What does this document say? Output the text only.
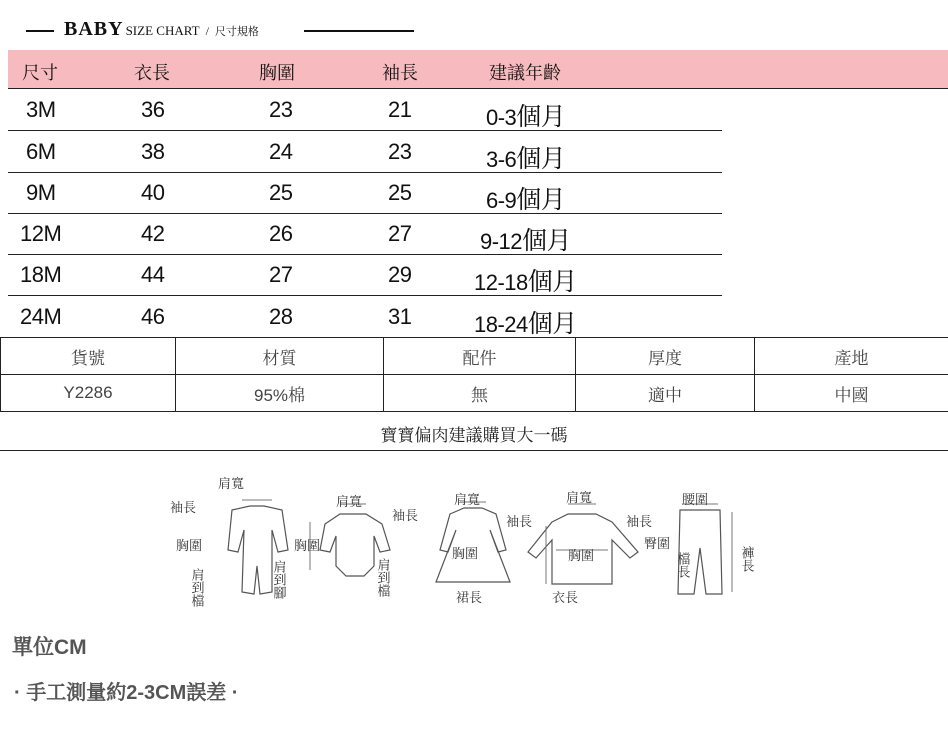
BABY SIZE CHART / 尺寸規格
尺寸	衣長	胸圍	袖長	建議年齡
3M	36	23	21	0-3個月
6M	38	24	23	3-6個月
9M	40	25	25	6-9個月
12M	42	26	27	9-12個月
18M	44	27	29	12-18個月
24M	46	28	31	18-24個月
貨號	材質	配件	厚度	產地
Y2286	95%棉	無	適中	中國
寶寶偏肉建議購買大一碼
肩寬
袖長
胸圍
肩到檔	肩到腳
肩寬
袖長
胸圍
肩到檔
肩寬
袖長
胸圍
裙長
肩寬
袖長
胸圍
衣長
腰圍
臀圍
檔長	褲長
單位CM
· 手工測量約2-3CM誤差 ·
